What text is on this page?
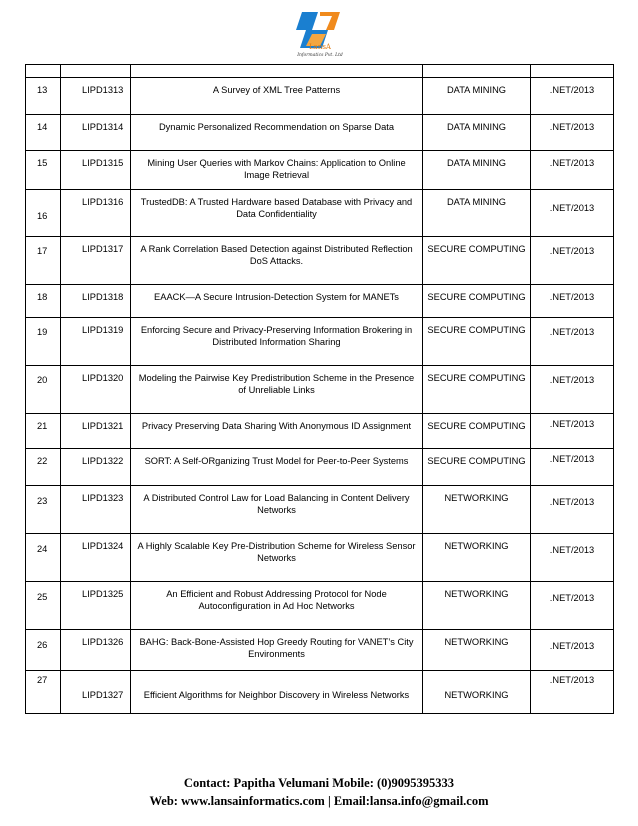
LansA
Informatics Pvt. Ltd

13	LIPD1313	A Survey of XML Tree Patterns	DATA MINING	.NET/2013

14	LIPD1314	Dynamic Personalized Recommendation on Sparse Data	DATA MINING	.NET/2013

15	LIPD1315	Mining User Queries with Markov Chains: Application to Online Image Retrieval	DATA MINING	.NET/2013

16	LIPD1316	TrustedDB: A Trusted Hardware based Database with Privacy and Data Confidentiality	DATA MINING	.NET/2013

17	LIPD1317	A Rank Correlation Based Detection against Distributed Reflection DoS Attacks.	SECURE COMPUTING	.NET/2013

18	LIPD1318	EAACK—A Secure Intrusion-Detection System for MANETs	SECURE COMPUTING	.NET/2013

19	LIPD1319	Enforcing Secure and Privacy-Preserving Information Brokering in Distributed Information Sharing	SECURE COMPUTING	.NET/2013

20	LIPD1320	Modeling the Pairwise Key Predistribution Scheme in the Presence of Unreliable Links	SECURE COMPUTING	.NET/2013

21	LIPD1321	Privacy Preserving Data Sharing With Anonymous ID Assignment	SECURE COMPUTING	.NET/2013

22	LIPD1322	SORT: A Self-ORganizing Trust Model for Peer-to-Peer Systems	SECURE COMPUTING	.NET/2013

23	LIPD1323	A Distributed Control Law for Load Balancing in Content Delivery Networks	NETWORKING	.NET/2013

24	LIPD1324	A Highly Scalable Key Pre-Distribution Scheme for Wireless Sensor Networks	NETWORKING	.NET/2013

25	LIPD1325	An Efficient and Robust Addressing Protocol for Node Autoconfiguration in Ad Hoc Networks	NETWORKING	.NET/2013

26	LIPD1326	BAHG: Back-Bone-Assisted Hop Greedy Routing for VANET’s City Environments	NETWORKING	.NET/2013

27	LIPD1327	Efficient Algorithms for Neighbor Discovery in Wireless Networks	NETWORKING	.NET/2013
Contact: Papitha Velumani Mobile: (0)9095395333
Web: www.lansainformatics.com | Email:lansa.info@gmail.com
